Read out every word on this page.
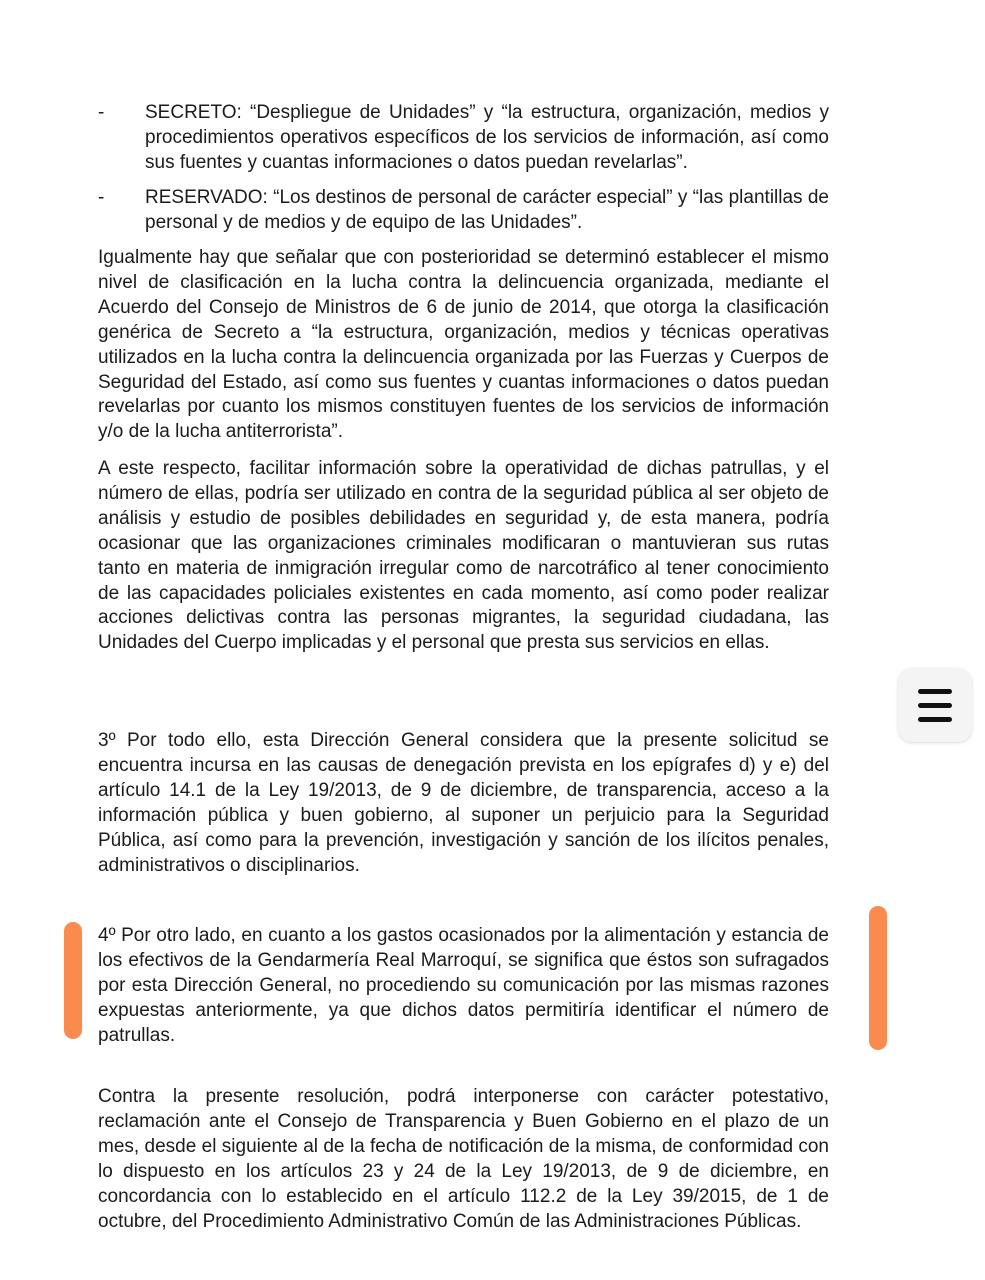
- SECRETO: “Despliegue de Unidades” y “la estructura, organización, medios y procedimientos operativos específicos de los servicios de información, así como sus fuentes y cuantas informaciones o datos puedan revelarlas”.

- RESERVADO: “Los destinos de personal de carácter especial” y “las plantillas de personal y de medios y de equipo de las Unidades”.

Igualmente hay que señalar que con posterioridad se determinó establecer el mismo nivel de clasificación en la lucha contra la delincuencia organizada, mediante el Acuerdo del Consejo de Ministros de 6 de junio de 2014, que otorga la clasificación genérica de Secreto a “la estructura, organización, medios y técnicas operativas utilizados en la lucha contra la delincuencia organizada por las Fuerzas y Cuerpos de Seguridad del Estado, así como sus fuentes y cuantas informaciones o datos puedan revelarlas por cuanto los mismos constituyen fuentes de los servicios de información y/o de la lucha antiterrorista”.

A este respecto, facilitar información sobre la operatividad de dichas patrullas, y el número de ellas, podría ser utilizado en contra de la seguridad pública al ser objeto de análisis y estudio de posibles debilidades en seguridad y, de esta manera, podría ocasionar que las organizaciones criminales modificaran o mantuvieran sus rutas tanto en materia de inmigración irregular como de narcotráfico al tener conocimiento de las capacidades policiales existentes en cada momento, así como poder realizar acciones delictivas contra las personas migrantes, la seguridad ciudadana, las Unidades del Cuerpo implicadas y el personal que presta sus servicios en ellas.

3º Por todo ello, esta Dirección General considera que la presente solicitud se encuentra incursa en las causas de denegación prevista en los epígrafes d) y e) del artículo 14.1 de la Ley 19/2013, de 9 de diciembre, de transparencia, acceso a la información pública y buen gobierno, al suponer un perjuicio para la Seguridad Pública, así como para la prevención, investigación y sanción de los ilícitos penales, administrativos o disciplinarios.

4º Por otro lado, en cuanto a los gastos ocasionados por la alimentación y estancia de los efectivos de la Gendarmería Real Marroquí, se significa que éstos son sufragados por esta Dirección General, no procediendo su comunicación por las mismas razones expuestas anteriormente, ya que dichos datos permitiría identificar el número de patrullas.

Contra la presente resolución, podrá interponerse con carácter potestativo, reclamación ante el Consejo de Transparencia y Buen Gobierno en el plazo de un mes, desde el siguiente al de la fecha de notificación de la misma, de conformidad con lo dispuesto en los artículos 23 y 24 de la Ley 19/2013, de 9 de diciembre, en concordancia con lo establecido en el artículo 112.2 de la Ley 39/2015, de 1 de octubre, del Procedimiento Administrativo Común de las Administraciones Públicas.
